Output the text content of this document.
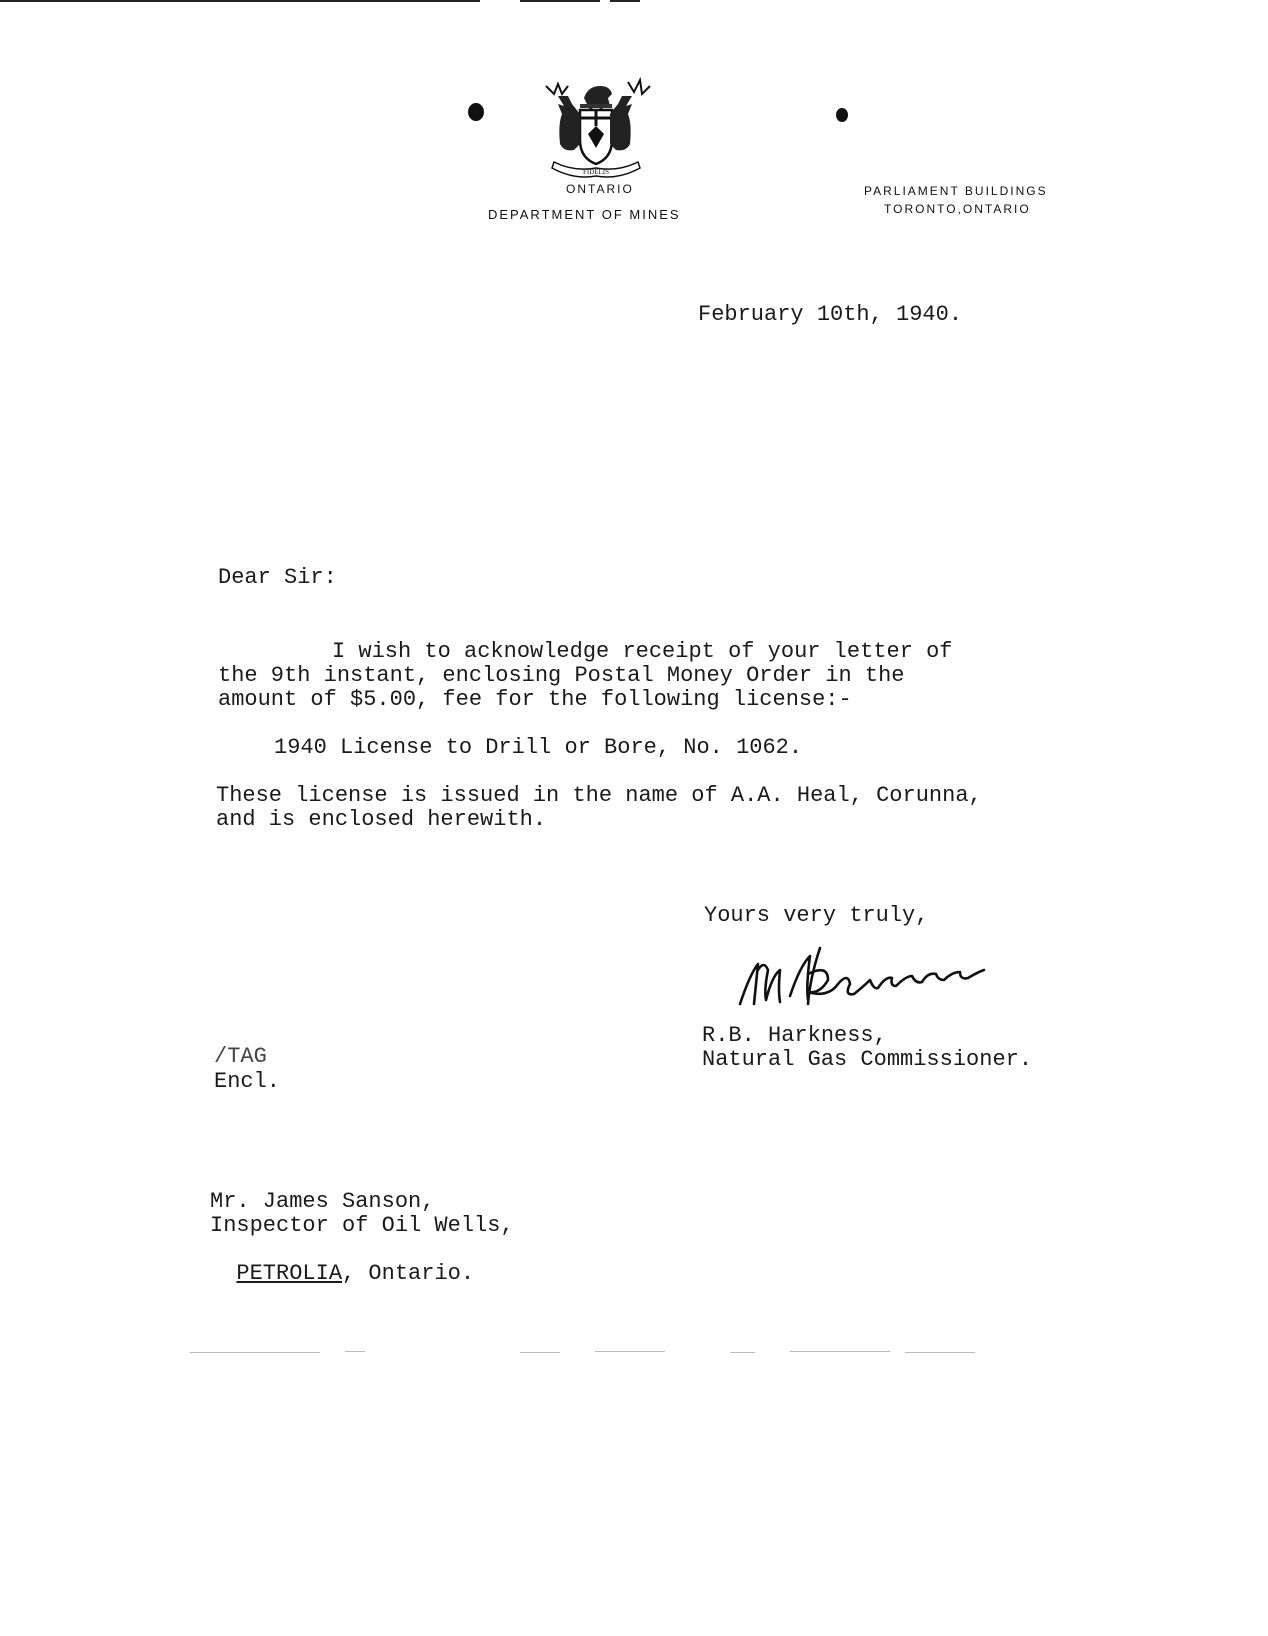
FIDELIS
ONTARIO
DEPARTMENT OF MINES
PARLIAMENT BUILDINGS
TORONTO,ONTARIO
February 10th, 1940.
Dear Sir:
I wish to acknowledge receipt of your letter of
the 9th instant, enclosing Postal Money Order in the
amount of $5.00, fee for the following license:-
1940 License to Drill or Bore, No. 1062.
These license is issued in the name of A.A. Heal, Corunna,
and is enclosed herewith.
Yours very truly,
R.B. Harkness,
Natural Gas Commissioner.
/TAG
Encl.
Mr. James Sanson,
Inspector of Oil Wells,

PETROLIA, Ontario.
